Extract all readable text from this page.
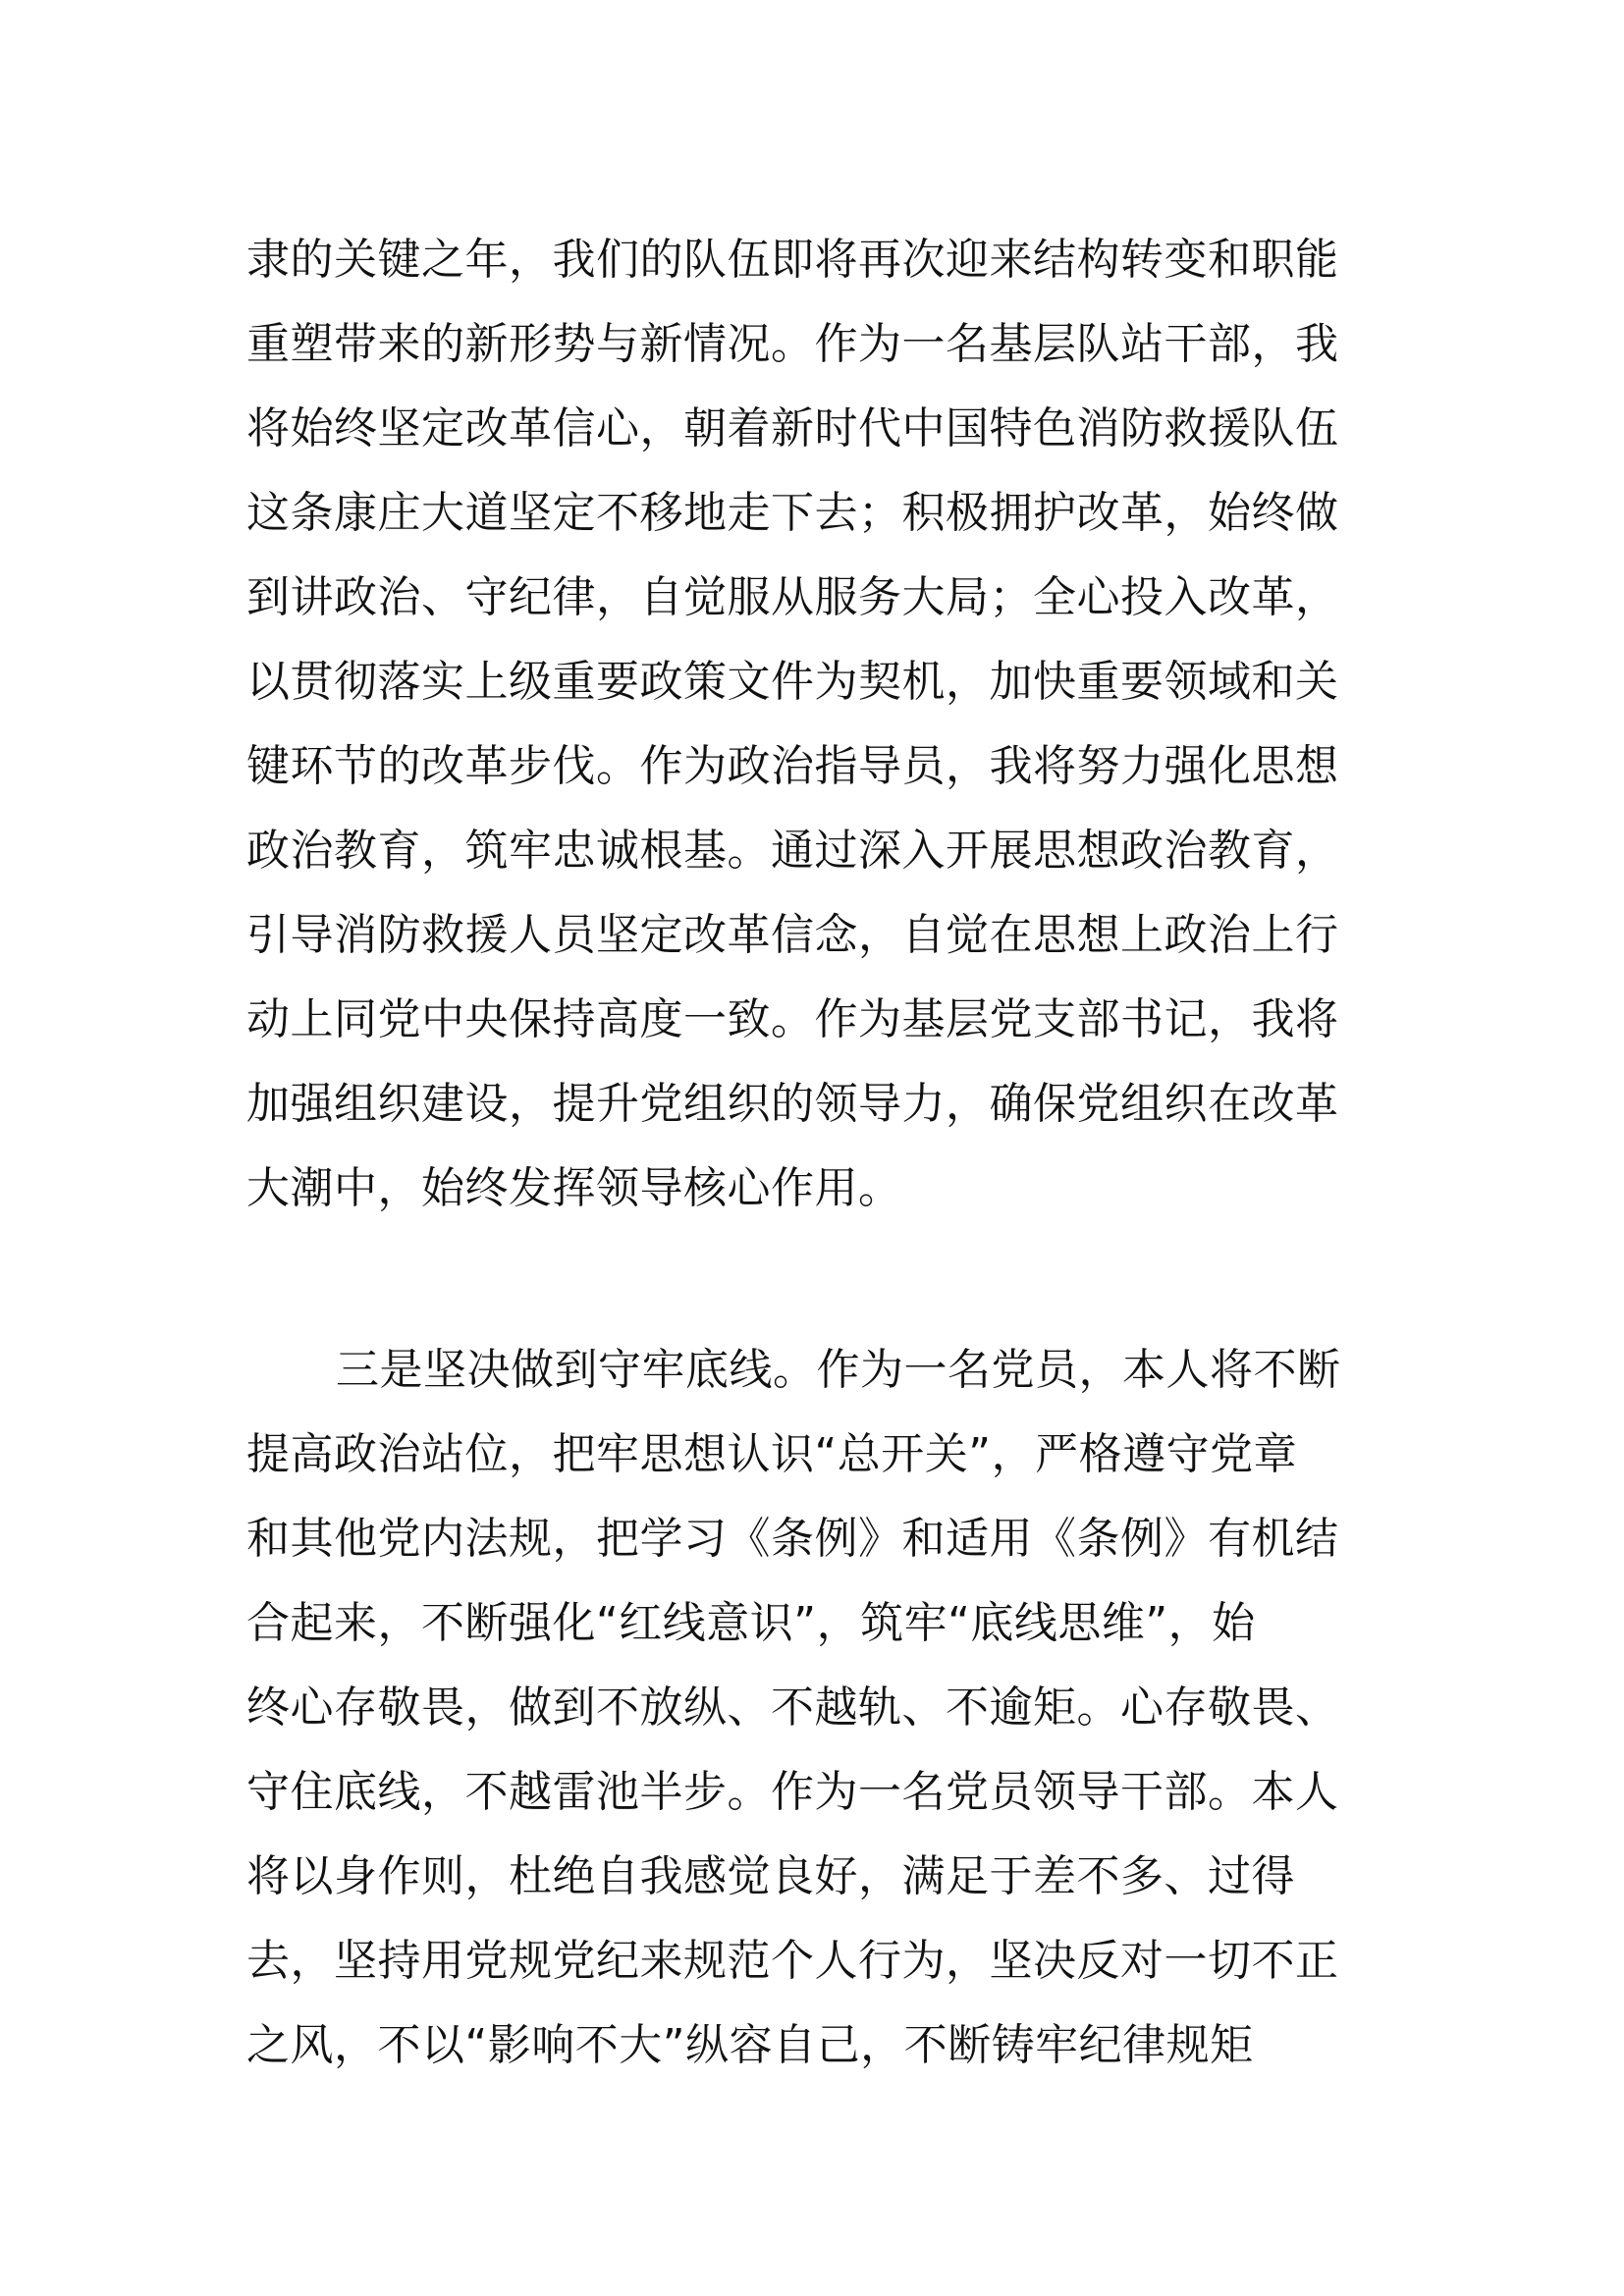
隶的关键之年，我们的队伍即将再次迎来结构转变和职能
重塑带来的新形势与新情况。作为一名基层队站干部，我
将始终坚定改革信心，朝着新时代中国特色消防救援队伍
这条康庄大道坚定不移地走下去；积极拥护改革，始终做
到讲政治、守纪律，自觉服从服务大局；全心投入改革，
以贯彻落实上级重要政策文件为契机，加快重要领域和关
键环节的改革步伐。作为政治指导员，我将努力强化思想
政治教育，筑牢忠诚根基。通过深入开展思想政治教育，
引导消防救援人员坚定改革信念，自觉在思想上政治上行
动上同党中央保持高度一致。作为基层党支部书记，我将
加强组织建设，提升党组织的领导力，确保党组织在改革
大潮中，始终发挥领导核心作用。
三是坚决做到守牢底线。作为一名党员，本人将不断
提高政治站位，把牢思想认识“总开关”，严格遵守党章
和其他党内法规，把学习《条例》和适用《条例》有机结
合起来，不断强化“红线意识”，筑牢“底线思维”，始
终心存敬畏，做到不放纵、不越轨、不逾矩。心存敬畏、
守住底线，不越雷池半步。作为一名党员领导干部。本人
将以身作则，杜绝自我感觉良好，满足于差不多、过得
去，坚持用党规党纪来规范个人行为，坚决反对一切不正
之风，不以“影响不大”纵容自己，不断铸牢纪律规矩
